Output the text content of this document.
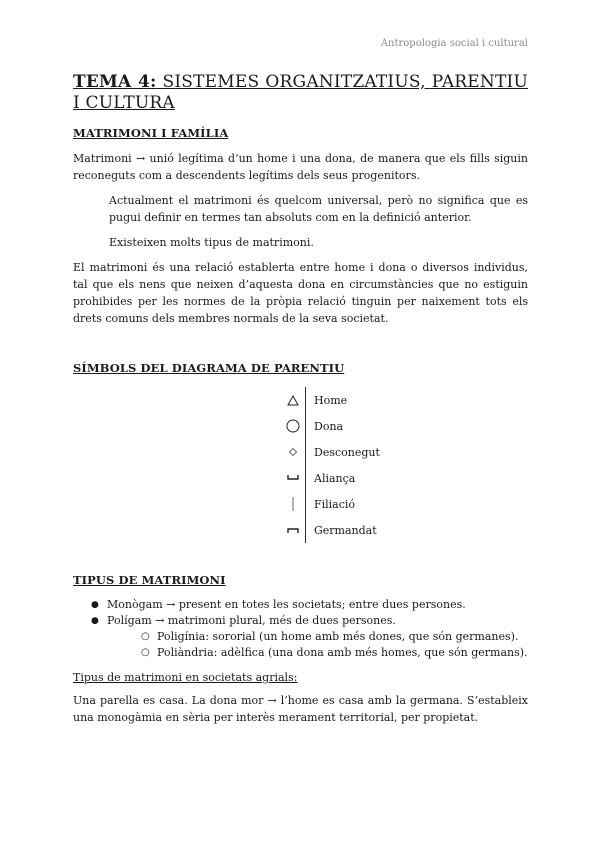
Antropologia social i cultural
TEMA 4: SISTEMES ORGANITZATIUS, PARENTIU I CULTURA
MATRIMONI I FAMÍLIA

Matrimoni → unió legítima d’un home i una dona, de manera que els fills siguin reconeguts com a descendents legítims dels seus progenitors.

Actualment el matrimoni és quelcom universal, però no significa que es pugui definir en termes tan absoluts com en la definició anterior.

Existeixen molts tipus de matrimoni.

El matrimoni és una relació establerta entre home i dona o diversos individus, tal que els nens que neixen d’aquesta dona en circumstàncies que no estiguin prohibides per les normes de la pròpia relació tinguin per naixement tots els drets comuns dels membres normals de la seva societat.

SÍMBOLS DEL DIAGRAMA DE PARENTIU
Home
Dona
Desconegut
Aliança
Filiació
Germandat
TIPUS DE MATRIMONI
● Monògam → present en totes les societats; entre dues persones.
● Polígam → matrimoni plural, més de dues persones.
○ Poligínia: sororial (un home amb més dones, que són germanes).
○ Poliàndria: adèlfica (una dona amb més homes, que són germans).
Tipus de matrimoni en societats agrials:

Una parella es casa. La dona mor → l’home es casa amb la germana. S’estableix una monogàmia en sèria per interès merament territorial, per propietat.
